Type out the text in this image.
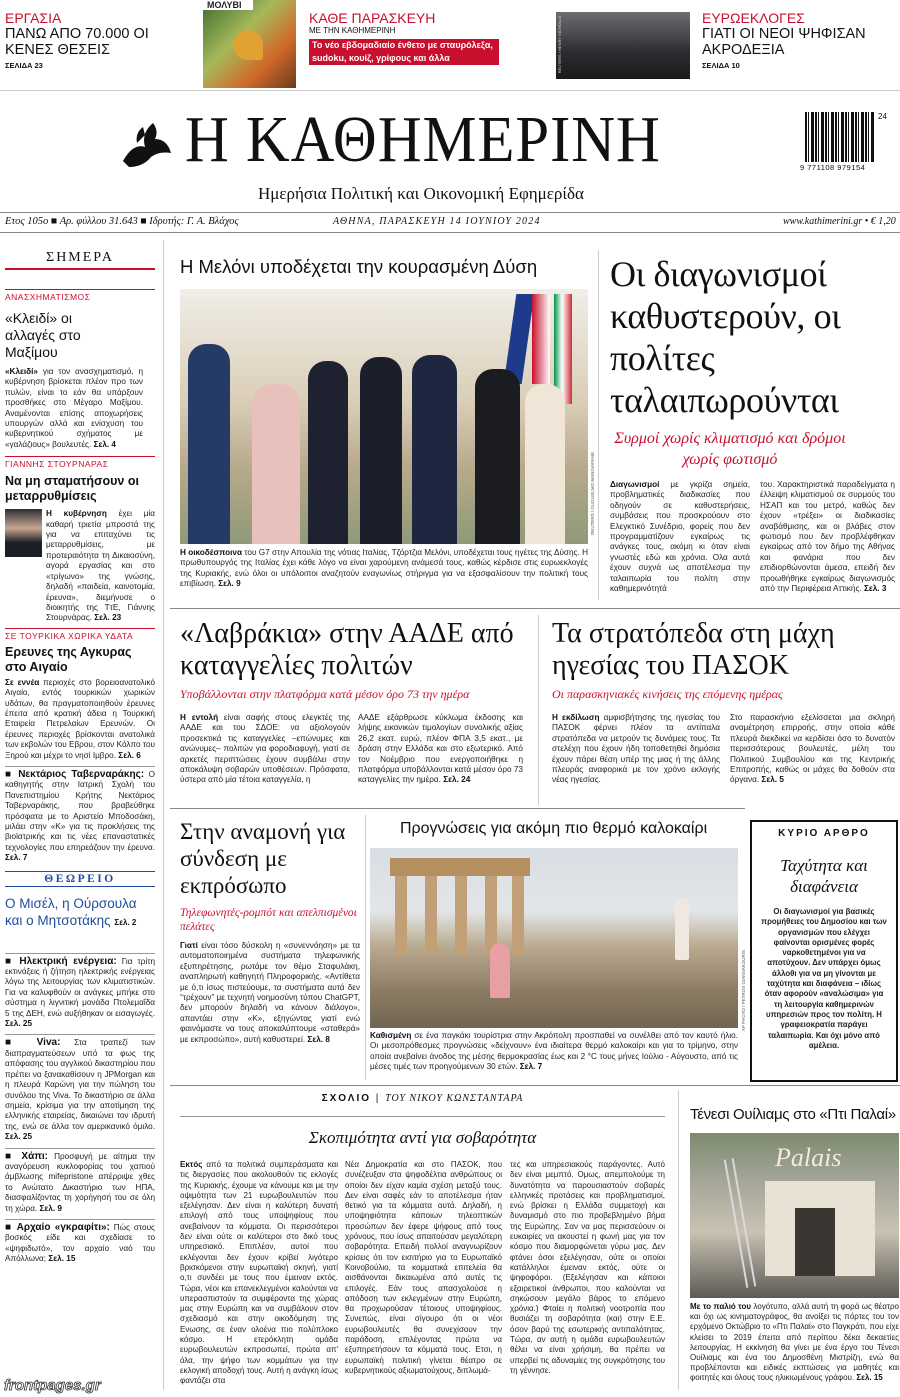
ΕΡΓΑΣΙΑ
ΠΑΝΩ ΑΠΟ 70.000 ΟΙ ΚΕΝΕΣ ΘΕΣΕΙΣ
ΣΕΛΙΔΑ 23
ΜΟΛΥΒΙ
ΚΑΘΕ ΠΑΡΑΣΚΕΥΗ
ΜΕ ΤΗΝ ΚΑΘΗΜΕΡΙΝΗ
Το νέο εβδομαδιαίο ένθετο με σταυρόλεξα, sudoku, κουίζ, γρίφους και άλλα	REUTERS / HENRY NICHOLLS	ΕΥΡΩΕΚΛΟΓΕΣ
ΓΙΑΤΙ ΟΙ ΝΕΟΙ ΨΗΦΙΣΑΝ ΑΚΡΟΔΕΞΙΑ
ΣΕΛΙΔΑ 10
Η ΚΑΘΗΜΕΡΙΝΗ
Ημερήσια Πολιτική και Οικονομική Εφημερίδα
24
9 771108 979154
Ετος 105ο ■ Αρ. φύλλου 31.643 ■ Ιδρυτής: Γ. Α. Βλάχος	ΑΘΗΝΑ, ΠΑΡΑΣΚΕΥΗ 14 ΙΟΥΝΙΟΥ 2024	www.kathimerini.gr • € 1,20
ΣΗΜΕΡΑ
ΑΝΑΣΧΗΜΑΤΙΣΜΟΣ
«Κλειδί» οι αλλαγές στο Μαξίμου

«Κλειδί» για τον ανασχηματισμό, η κυβέρνηση βρίσκεται πλέον προ των πυλών, είναι το εάν θα υπάρξουν προσθήκες στο Μέγαρο Μαξίμου. Αναμένονται επίσης αποχωρήσεις υπουργών αλλά και ενίσχυση του κυβερνητικού σχήματος με «γαλάζιους» βουλευτές. Σελ. 4

ΓΙΑΝΝΗΣ ΣΤΟΥΡΝΑΡΑΣ
Να μη σταματήσουν οι μεταρρυθμίσεις

Η κυβέρνηση έχει μία καθαρή τριετία μπροστά της για να επιταχύνει τις μεταρρυθμίσεις, με προτεραιότητα τη Δικαιοσύνη, αγορά εργασίας και στο «τρίγωνο» της γνώσης, δηλαδή «παιδεία, καινοτομία, έρευνα», διεμήνυσε ο διοικητής της ΤτΕ, Γιάννης Στουρνάρας. Σελ. 23

ΣΕ ΤΟΥΡΚΙΚΑ ΧΩΡΙΚΑ ΥΔΑΤΑ
Ερευνες της Αγκυρας στο Αιγαίο

Σε εννέα περιοχές στο βορειοανατολικό Αιγαίο, εντός τουρκικών χωρικών υδάτων, θα πραγματοποιηθούν έρευνες έπειτα από κρατική άδεια η Τουρκική Εταιρεία Πετρελαίων Ερευνών. Οι έρευνες περιοχές βρίσκονται ανατολικά των εκβολών του Εβρου, στον Κόλπο του Ξηρού και μέχρι το νησί Ιμβρο. Σελ. 6

■ Νεκτάριος Ταβερναράκης: Ο καθηγητής στην Ιατρική Σχολή του Πανεπιστημίου Κρήτης Νεκτάριος Ταβερναράκης, που βραβεύθηκε πρόσφατα με το Αριστείο Μποδοσάκη, μιλάει στην «Κ» για τις προκλήσεις της βιοϊατρικής και τις νέες επαναστατικές τεχνολογίες που επηρεάζουν την έρευνα. Σελ. 7

ΘΕΩΡΕΙΟ
Ο Μισέλ, η Ούρσουλα και ο Μητσοτάκης Σελ. 2

■ Ηλεκτρική ενέργεια: Για τρίτη εκτινάξεις ή ζήτηση ηλεκτρικής ενέργειας λόγω της λειτουργίας των κλιματιστικών. Για να καλυφθούν οι ανάγκες μπήκε στο σύστημα η λιγνιτική μονάδα Πτολεμαΐδα 5 της ΔΕΗ, ενώ αυξήθηκαν οι εισαγωγές. Σελ. 25

■ Viva: Στα τραπεζί των διαπραγματεύσεων υπό τα φως της απόφασης του αγγλικού δικαστηρίου που πρέπει να ξανακαθίσουν η JPMorgan και η πλευρά Καρώνη για την πώληση του συνόλου της Viva. Το δικαστήριο σε άλλα σημεία, κρίσιμα για την αποτίμηση της ελληνικής εταιρείας, δικαιώνει τον ιδρυτή της, ενώ σε άλλα τον αμερικανικό όμιλο. Σελ. 25

■ Χάπι: Προσφυγή με αίτημα την αναγόρευση κυκλοφορίας του χαπιού άμβλωσης mifepristone απέρριψε χθες το Ανώτατο Δικαστήριο των ΗΠΑ, διασφαλίζοντας τη χορήγησή του σε όλη τη χώρα. Σελ. 9

■ Αρχαίο «γκραφίτι»: Πώς στους βοσκός είδε και σχεδίασε το «ψηφιδωτό», τον αρχαίο ναό του Απόλλωνα; Σελ. 15

Η Μελόνι υποδέχεται την κουρασμένη Δύση
REUTERS / GUGLIELMO MANGIAPANE

Η οικοδέσποινα του G7 στην Απουλία της νότιας Ιταλίας, Τζόρτζια Μελόνι, υποδέχεται τους ηγέτες της Δύσης. Η πρωθυπουργός της Ιταλίας έχει κάθε λόγο να είναι χαρούμενη ανάμεσά τους, καθώς κέρδισε στις ευρωεκλογές της Κυριακής, ενώ όλοι οι υπόλοιποι αναζητούν εναγωνίως στήριγμα για να εξασφαλίσουν την πολιτική τους επιβίωση. Σελ. 9

Οι διαγωνισμοί καθυστερούν, οι πολίτες ταλαιπωρούνται
Συρμοί χωρίς κλιματισμό και δρόμοι χωρίς φωτισμό

Διαγωνισμοί με γκρίζα σημεία, προβληματικές διαδικασίες που οδηγούν σε καθυστερήσεις, συμβάσεις που προσκρούουν στο Ελεγκτικό Συνέδριο, φορείς που δεν προγραμματίζουν εγκαίρως τις ανάγκες τους, ακόμη κι όταν είναι γνωστές εδώ και χρόνια. Ολα αυτά έχουν συχνά ως αποτέλεσμα την ταλαιπωρία του πολίτη στην καθημερινότητά

του. Χαρακτηριστικά παραδείγματα η έλλειψη κλιματισμού σε συρμούς του ΗΣΑΠ και του μετρό, καθώς δεν έχουν «τρέξει» οι διαδικασίες αναβάθμισης, και οι βλάβες στον φωτισμό που δεν προβλέφθηκαν εγκαίρως από τον δήμο της Αθήνας και φανάρια που δεν επιδιορθώνονται άμεσα, επειδή δεν προωθήθηκε εγκαίρως διαγωνισμός από την Περιφέρεια Αττικής. Σελ. 3

«Λαβράκια» στην ΑΑΔΕ από καταγγελίες πολιτών
Υποβάλλονται στην πλατφόρμα κατά μέσον όρο 73 την ημέρα

Η εντολή είναι σαφής στους ελεγκτές της ΑΑΔΕ και του ΣΔΟΕ: να αξιολογούν προσεκτικά τις καταγγελίες –επώνυμες και ανώνυμες– πολιτών για φοροδιαφυγή, γιατί σε αρκετές περιπτώσεις έχουν συμβάλει στην αποκάλυψη σοβαρών υποθέσεων. Πρόσφατα, ύστερα από μία τέτοια καταγγελία, η

ΑΑΔΕ εξάρθρωσε κύκλωμα έκδοσης και λήψης εικονικών τιμολογίων συνολικής αξίας 26,2 εκατ. ευρώ, πλέον ΦΠΑ 3,5 εκατ., με δράση στην Ελλάδα και στο εξωτερικό. Από τον Νοέμβριο που ενεργοποιήθηκε η πλατφόρμα υποβάλλονται κατά μέσον όρο 73 καταγγελίες την ημέρα. Σελ. 24

Τα στρατόπεδα στη μάχη ηγεσίας του ΠΑΣΟΚ
Οι παρασκηνιακές κινήσεις της επόμενης ημέρας

Η εκδίλωση αμφισβήτησης της ηγεσίας του ΠΑΣΟΚ φέρνει πλέον τα αντίπαλα στρατόπεδα να μετρούν τις δυνάμεις τους. Τα στελέχη που έχουν ήδη τοποθετηθεί δημόσια έχουν πάρει θέση υπέρ της μιας ή της άλλης πλευράς αναφορικά με τον χρόνο εκλογής νέας ηγεσίας.

Στο παρασκήνιο εξελίσσεται μια σκληρή αναμέτρηση επιρροής, στην οποία κάθε πλευρά διεκδικεί να κερδίσει όσο το δυνατόν περισσότερους βουλευτές, μέλη του Πολιτικού Συμβουλίου και της Κεντρικής Επιτροπής, καθώς οι μάχες θα δοθούν στα όργανα. Σελ. 5

Στην αναμονή για σύνδεση με εκπρόσωπο
Τηλεφωνητές-ρομπότ και απελπισμένοι πελάτες

Γιατί είναι τόσο δύσκολη η «συνεννόηση» με τα αυτοματοποιημένα συστήματα τηλεφωνικής εξυπηρέτησης, ρωτάμε τον θέμο Σταφυλάκη, αναπληρωτή καθηγητή Πληροφορικής. «Αντίθετα με ό,τι ίσως πιστεύουμε, τα συστήματα αυτά δεν “τρέχουν” με τεχνητή νοημοσύνη τύπου ChatGPT, δεν μπορούν δηλαδή να κάνουν διάλογο», απαντάει στην «Κ», εξηγώντας γιατί ενώ φαινόμαστε να τους αποκαλύπτουμε «σταθερά» με εκπροσώπο», αυτή καθυστερεί. Σελ. 8

Προγνώσεις για ακόμη πιο θερμό καλοκαίρι
AP PHOTO / PETROS GIANNAKOURIS

Καθισμένη σε ένα παγκάκι τουρίστρια στην Ακρόπολη προσπαθεί να συνέλθει από τον καυτό ήλιο. Οι μεσοπρόθεσμες προγνώσεις «δείχνουν» ένα ιδιαίτερα θερμό καλοκαίρι και για το τρίμηνο, στην οποία ανεβαίνει άνοδος της μέσης θερμοκρασίας έως και 2 °C τους μήνες Ιούλιο - Αύγουστο, από τις μέσες τιμές των προηγούμενων 30 ετών. Σελ. 7

ΚΥΡΙΟ ΑΡΘΡΟ
Ταχύτητα και διαφάνεια

Οι διαγωνισμοί για βασικές προμήθειες του Δημοσίου και των οργανισμών που ελέγχει φαίνονται ορισμένες φορές ναρκοθετημένοι για να αποτύχουν. Δεν υπάρχει όμως άλλοθι για να μη γίνονται με ταχύτητα και διαφάνεια – ιδίως όταν αφορούν «αναλώσιμα» για τη λειτουργία καθημερινών υπηρεσιών προς τον πολίτη. Η γραφειοκρατία παράγει ταλαιπωρία. Και όχι μόνο από αμέλεια.

ΣΧΟΛΙΟ | ΤΟΥ ΝΙΚΟΥ ΚΩΝΣΤΑΝΤΑΡΑ
Σκοπιμότητα αντί για σοβαρότητα

Εκτός από τα πολιτικά συμπεράσματα και τις διεργασίες που ακολουθούν τις εκλογές της Κυριακής, έχουμε να κάνουμε και με την οψιμότητα των 21 ευρωβουλευτών που εξελέγησαν. Δεν είναι η καλύτερη δυνατή επιλογή από τους υποψηφίους που ανεβαίνουν τα κόμματα. Οι περισσότεροι δεν είναι ούτε οι καλύτεροι στο δικό τους υπηρεσιακό. Επιπλέον, αυτοί που εκλέγονται δεν έχουν κρίβεί λιγότερο βρισκόμενοι στην ευρωπαϊκή σκηνή, γιατί ο,τι συνδέει με τους που έμειναν εκτός. Τώρα, νέοι και επανεκλεγμένοι καλούνται να υπερασπιστούν τα συμφέροντα της χώρας μας στην Ευρώπη και να συμβάλουν στον σχεδιασμό και στην οικοδόμηση της Ενωσης, σε έναν ολοένα πιο πολύπλοκο κόσμο. Η ετερόκλητη ομάδα ευρωβουλευτών εκπροσωπεί, πρώτα απ' όλα, την ψήφο των κομμάτων για την εκλογική αποδοχή τους. Αυτή η ανάγκη ίσως φαντάζει στα

Νέα Δημοκρατία και στο ΠΑΣΟΚ, που συνέζευξαν στα ψηφοδέλτια ανθρώπους οι οποίοι δεν είχαν καμία σχέση μεταξύ τους. Δεν είναι σαφές εάν το αποτέλεσμα ήταν θετικό για τα κόμματα αυτά. Δηλαδή, η υποψηφιότητα κάποιων τηλεοπτικών προσώπων δεν έφερε ψήφους από τους χρόνους, που ίσως απαιτούσαν μεγαλύτερη σοβαρότητα. Επειδή πολλοί αναγνωρίζουν κρίσεις ότι τον εισιτήριο για το Ευρωπαϊκό Κοινοβούλιο, τα κομματικά επιτελεία θα αισθάνονται δικαιωμένα από αυτές τις επιλογές. Εάν τους απασχολούσε η απόδοση των εκλεγμένων στην Ευρώπη, θα προχωρούσαν τέτοιους υποψηφίους. Συνεπώς, είναι σίγουρο ότι οι νέοι ευρωβουλευτές θα συνεχίσουν την παράδοση, επιλέγοντας πρώτα να εξυπηρετήσουν τα κόμματά τους. Ετσι, η ευρωπαϊκή πολιτική γίνεται θέατρο σε κυβερνητικούς αξιωματούχους, διπλωμά-

τες και υπηρεσιακούς παράγοντες. Αυτό δεν είναι μεμπτό. Ομως, απεμπολούμε τη δυνατότητα να παρουσιαστούν σοβαρές ελληνικές προτάσεις και προβληματισμοί, ενώ βρίσκει η Ελλάδα συμμετοχή και δυναμισμό στο πιο προβεβλημένο βήμα της Ευρώπης. Σαν να μας περισσεύουν οι ευκαιρίες να ακουστεί η φωνή μας για τον κόσμο που διαμορφώνεται γύρω μας. Δεν φτάνει όσοι εξελέγησαν, ούτε οι οποίοι κατάλληλοι έμειναν εκτός, ούτε οι ψηφοφόροι. (Εξελέγησαν και κάποιοι εξαιρετικοί άνθρωποι, που καλούνται να σηκώσουν μεγάλο βάρος το επόμενο χρόνια.) Φταίει η πολιτική νοοτροπία που θυσιάζει τη σοβαρότητα (και) στην Ε.Ε. όσον βαρύ της εσωτερικής αντιπαλότητας. Τώρα, αν αυτή η ομάδα ευρωβουλευτών θέλει να είναι χρήσιμη, θα πρέπει να υπερβεί τις αδυναμίες της συγκρότησης του τη γέννησε.

Τένεσι Ουίλιαμς στο «Πτι Παλαί»
Palais

Με το παλιό του λογότυπο, αλλά αυτή τη φορά ως θέατρο και όχι ως κινηματογράφος, θα ανοίξει τις πόρτες του τον ερχόμενο Οκτώβριο το «Πτι Παλαί» στο Παγκράτι, που είχε κλείσει το 2019 έπειτα από περίπου δέκα δεκαετίες λειτουργίας. Η εκκίνηση θα γίνει με ένα έργο του Τένεσι Ουίλιαμς και ένα του Δημοσθένη Μιστρίζη, ενώ θα προβλέπονται και ειδικές εκπτώσεις για μαθητές και φοιτητές και όλους τους ηλικιωμένους γράφου. Σελ. 15

frontpages.gr
